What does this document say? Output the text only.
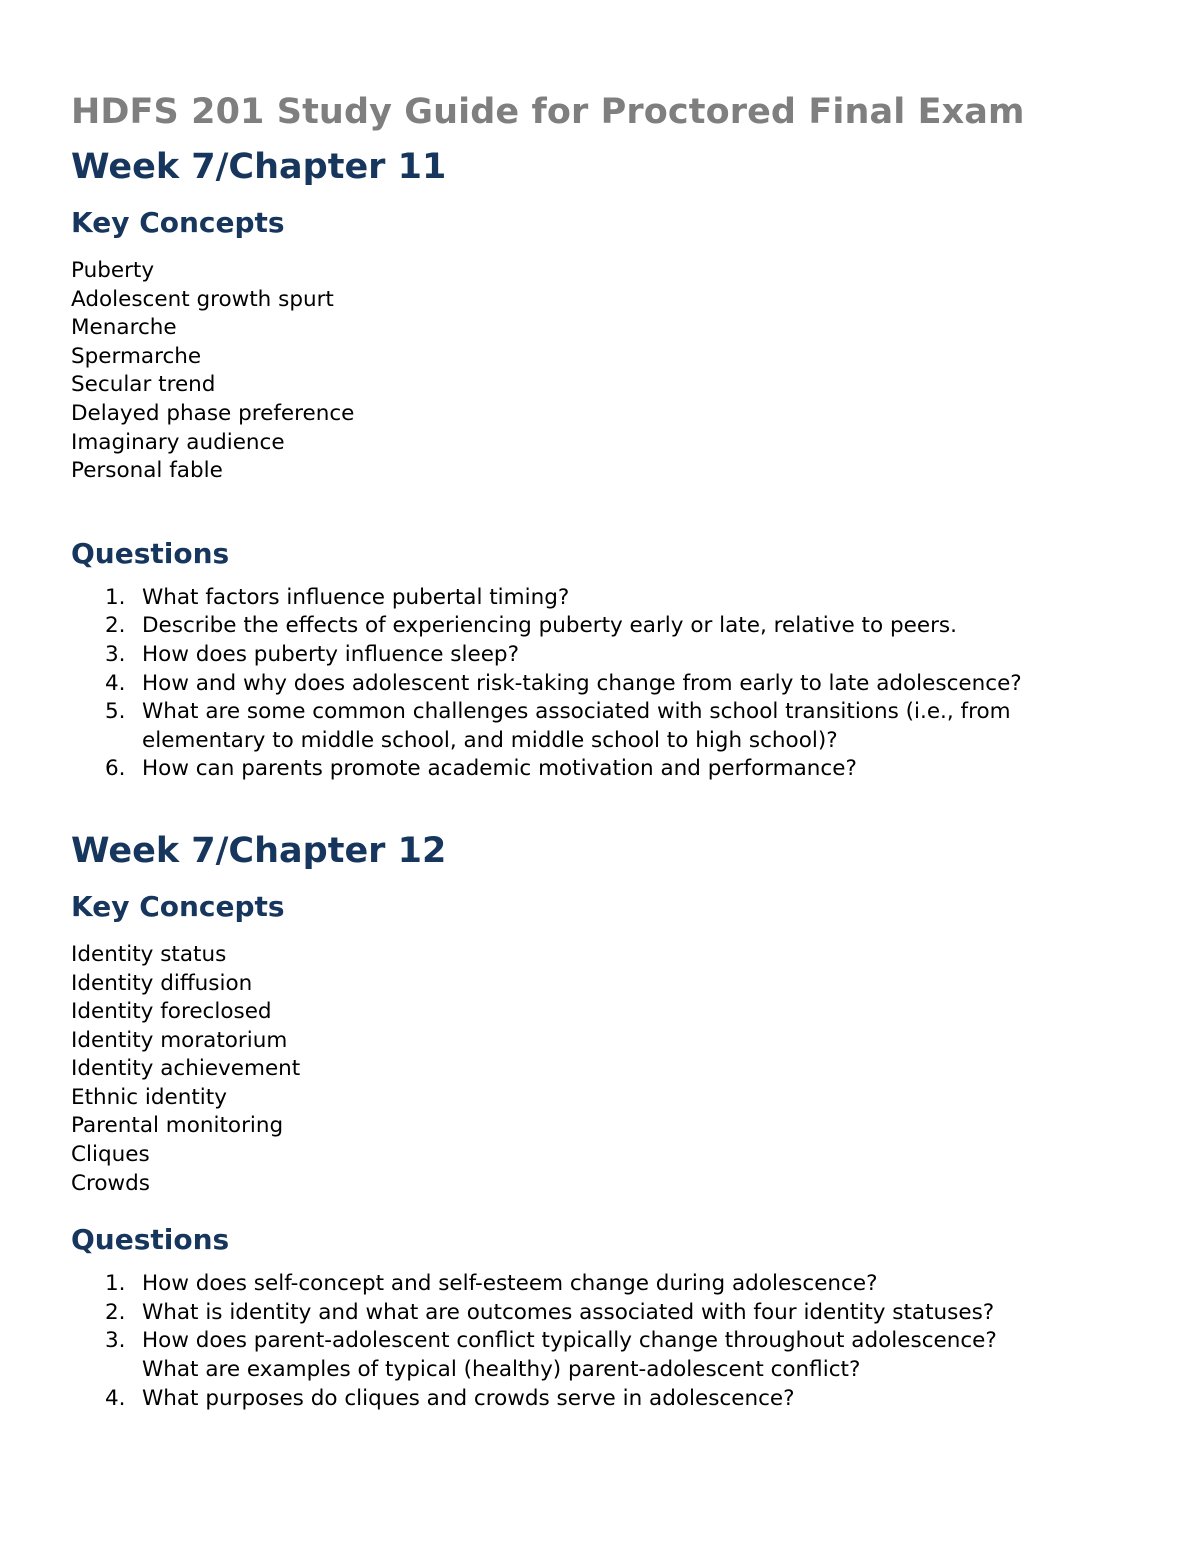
HDFS 201 Study Guide for Proctored Final Exam
Week 7/Chapter 11
Key Concepts
Puberty
Adolescent growth spurt
Menarche
Spermarche
Secular trend
Delayed phase preference
Imaginary audience
Personal fable
Questions
1. What factors influence pubertal timing?
2. Describe the effects of experiencing puberty early or late, relative to peers.
3. How does puberty influence sleep?
4. How and why does adolescent risk-taking change from early to late adolescence?
5. What are some common challenges associated with school transitions (i.e., from
elementary to middle school, and middle school to high school)?
6. How can parents promote academic motivation and performance?
Week 7/Chapter 12
Key Concepts
Identity status
Identity diffusion
Identity foreclosed
Identity moratorium
Identity achievement
Ethnic identity
Parental monitoring
Cliques
Crowds
Questions
1. How does self-concept and self-esteem change during adolescence?
2. What is identity and what are outcomes associated with four identity statuses?
3. How does parent-adolescent conflict typically change throughout adolescence?
What are examples of typical (healthy) parent-adolescent conflict?
4. What purposes do cliques and crowds serve in adolescence?
